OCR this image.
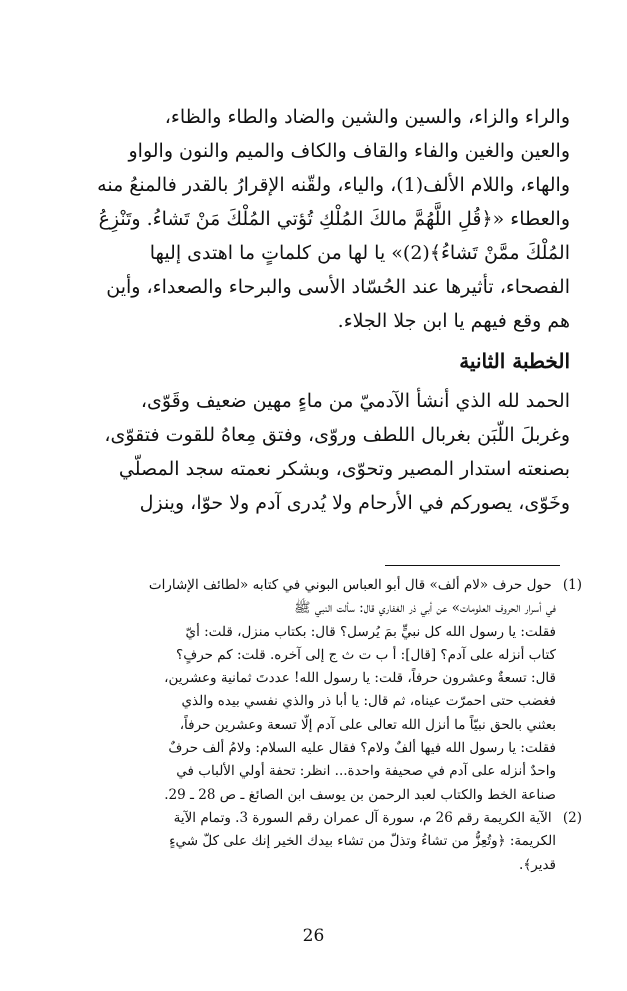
والراء والزاء، والسين والشين والضاد والطاء والظاء،
والعين والغين والفاء والقاف والكاف والميم والنون والواو
والهاء، واللام الألف(1)، والياء، ولقّنه الإقرارُ بالقدر فالمنعُ منه
والعطاء «﴿قُلِ اللَّهُمَّ مالكَ المُلْكِ تُؤتي المُلْكَ مَنْ تَشاءُ. وتَنْزِعُ
المُلْكَ ممَّنْ تَشاءُ﴾(2)» يا لها من كلماتٍ ما اهتدى إليها
الفصحاء، تأثيرها عند الحُسّاد الأسى والبرحاء والصعداء، وأين
هم وقع فيهم يا ابن جلا الجلاء.
الخطبة الثانية
الحمد لله الذي أنشأ الآدميّ من ماءٍ مهين ضعيف وقَوّى،
وغربلَ اللّبَن بغربال اللطف وروّى، وفتق مِعاهُ للقوت فتقوّى،
بصنعته استدار المصير وتحوّى، وبشكر نعمته سجد المصلّي
وخَوّى، يصوركم في الأرحام ولا يُدرى آدم ولا حوّا، وينزل
(1) حول حرف «لام ألف» قال أبو العباس البوني في كتابه «لطائف الإشارات
في أسرار الحروف العلومات» عن أبي ذر الغفاري قال: سألت النبي ﷺ
فقلت: يا رسول الله كل نبيٍّ بمَ يُرسل؟ قال: بكتاب منزل، قلت: أيّ
كتاب أنزله على آدم؟ [قال]: أ ب ت ث ج إلى آخره. قلت: كم حرفٍ؟
قال: تسعةٌ وعشرون حرفاً، قلت: يا رسول الله! عددتَ ثمانية وعشرين،
فغضب حتى احمرّت عيناه، ثم قال: يا أبا ذر والذي نفسي بيده والذي
بعثني بالحق نبيّاً ما أنزل الله تعالى على آدم إلّا تسعة وعشرين حرفاً،
فقلت: يا رسول الله فيها ألفٌ ولام؟ فقال عليه السلام: ولامُ ألف حرفٌ
واحدٌ أنزله على آدم في صحيفة واحدة... انظر: تحفة أولي الألباب في
صناعة الخط والكتاب لعبد الرحمن بن يوسف ابن الصائغ ـ ص 28 ـ 29.
(2) الآية الكريمة رقم 26 م، سورة آل عمران رقم السورة 3. وتمام الآية
الكريمة: ﴿وتُعِزُّ من تشاءُ وتذلّ من تشاء بيدك الخير إنك على كلّ شيءٍ
قدير﴾.
26
